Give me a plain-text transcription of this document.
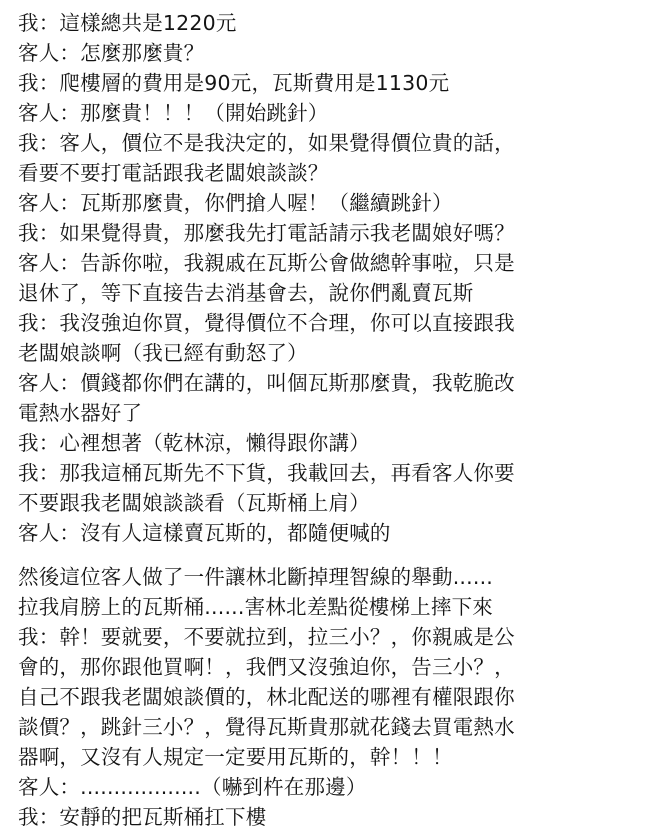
我：這樣總共是1220元
客人：怎麼那麼貴？
我：爬樓層的費用是90元，瓦斯費用是1130元
客人：那麼貴！！！（開始跳針）
我：客人，價位不是我決定的，如果覺得價位貴的話，
看要不要打電話跟我老闆娘談談？
客人：瓦斯那麼貴，你們搶人喔！（繼續跳針）
我：如果覺得貴，那麼我先打電話請示我老闆娘好嗎？
客人：告訴你啦，我親戚在瓦斯公會做總幹事啦，只是
退休了，等下直接告去消基會去，說你們亂賣瓦斯
我：我沒強迫你買，覺得價位不合理，你可以直接跟我
老闆娘談啊（我已經有動怒了）
客人：價錢都你們在講的，叫個瓦斯那麼貴，我乾脆改
電熱水器好了
我：心裡想著（乾林涼，懶得跟你講）
我：那我這桶瓦斯先不下貨，我載回去，再看客人你要
不要跟我老闆娘談談看（瓦斯桶上肩）
客人：沒有人這樣賣瓦斯的，都隨便喊的
然後這位客人做了一件讓林北斷掉理智線的舉動......
拉我肩膀上的瓦斯桶......害林北差點從樓梯上摔下來
我：幹！要就要，不要就拉到，拉三小？，你親戚是公
會的，那你跟他買啊！，我們又沒強迫你，告三小？，
自己不跟我老闆娘談價的，林北配送的哪裡有權限跟你
談價？，跳針三小？，覺得瓦斯貴那就花錢去買電熱水
器啊，又沒有人規定一定要用瓦斯的，幹！！！
客人：..................（嚇到杵在那邊）
我：安靜的把瓦斯桶扛下樓
